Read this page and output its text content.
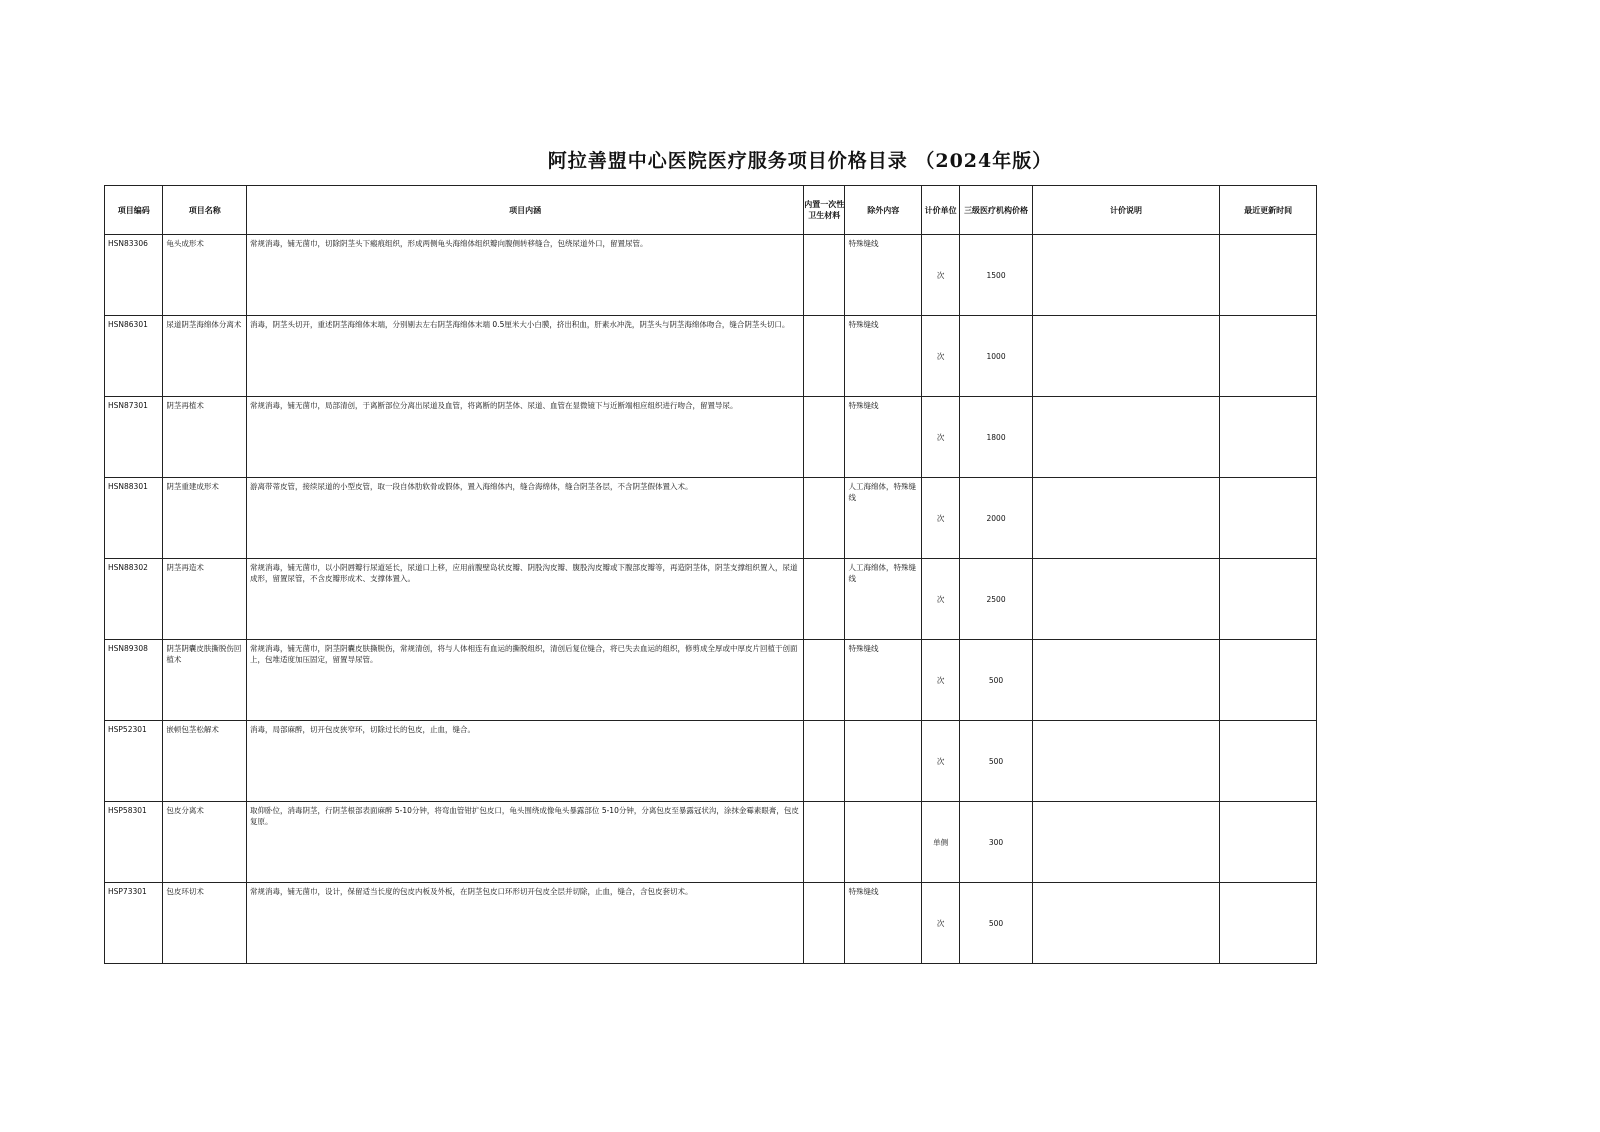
阿拉善盟中心医院医疗服务项目价格目录 （2024年版）
项目编码	项目名称	项目内涵	内置一次性卫生材料	除外内容	计价单位	三级医疗机构价格	计价说明	最近更新时间
HSN83306	龟头成形术	常规消毒，铺无菌巾，切除阴茎头下瘢痕组织，形成两侧龟头海绵体组织瓣向腹侧转移缝合，包绕尿道外口，留置尿管。		特殊缝线	次	1500		
HSN86301	尿道阴茎海绵体分离术	消毒，阴茎头切开，重述阴茎海绵体末端，分别剔去左右阴茎海绵体末端 0.5厘米大小白膜，挤出积血，肝素水冲洗，阴茎头与阴茎海绵体吻合，缝合阴茎头切口。		特殊缝线	次	1000		
HSN87301	阴茎再植术	常规消毒，铺无菌巾，局部清创，于离断部位分离出尿道及血管，将离断的阴茎体、尿道、血管在显微镜下与近断端相应组织进行吻合，留置导尿。		特殊缝线	次	1800		
HSN88301	阴茎重建成形术	游离带蒂皮管，接续尿道的小型皮管，取一段自体肋软骨或假体，置入海绵体内，缝合海绵体，缝合阴茎各层，不含阴茎假体置入术。		人工海绵体，特殊缝线	次	2000		
HSN88302	阴茎再造术	常规消毒，铺无菌巾，以小阴唇瓣行尿道延长，尿道口上移，应用前腹壁岛状皮瓣、阴股沟皮瓣、腹股沟皮瓣或下腹部皮瓣等，再造阴茎体，阴茎支撑组织置入，尿道成形，留置尿管，不含皮瓣形成术、支撑体置入。		人工海绵体，特殊缝线	次	2500		
HSN89308	阴茎阴囊皮肤撕脱伤回植术	常规消毒，铺无菌巾，阴茎阴囊皮肤撕脱伤，常规清创，将与人体相连有血运的撕脱组织，清创后复位缝合，将已失去血运的组织，修剪成全厚或中厚皮片回植于创面上，包堆适度加压固定，留置导尿管。		特殊缝线	次	500		
HSP52301	嵌顿包茎松解术	消毒，局部麻醉，切开包皮狭窄环，切除过长的包皮，止血，缝合。			次	500		
HSP58301	包皮分离术	取仰卧位，消毒阴茎，行阴茎根部表面麻醉 5-10分钟，将弯血管钳扩包皮口，龟头围绕成像龟头暴露部位 5-10分钟，分离包皮至暴露冠状沟，涂抹金霉素眼膏，包皮复原。			单侧	300		
HSP73301	包皮环切术	常规消毒，铺无菌巾，设计，保留适当长度的包皮内板及外板，在阴茎包皮口环形切开包皮全层并切除，止血，缝合，含包皮套切术。		特殊缝线	次	500		
